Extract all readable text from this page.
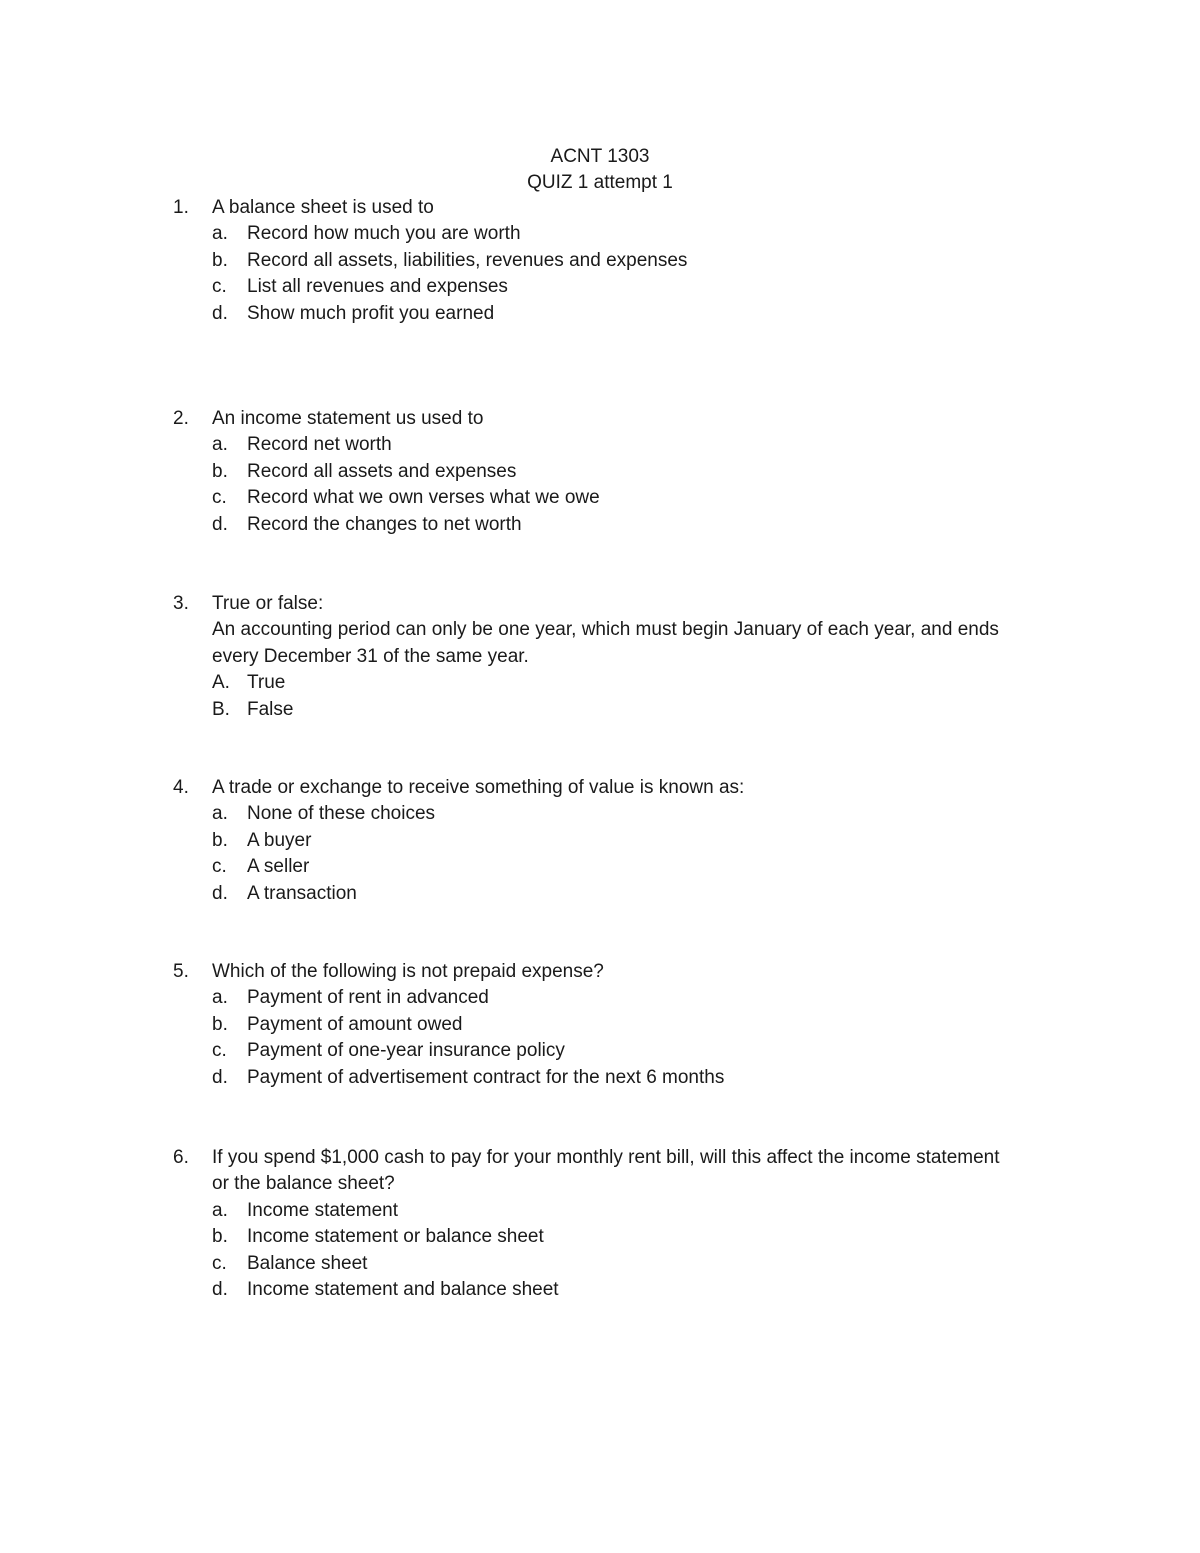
ACNT 1303
QUIZ 1 attempt 1
1. A balance sheet is used to
a. Record how much you are worth
b. Record all assets, liabilities, revenues and expenses
c. List all revenues and expenses
d. Show much profit you earned
2. An income statement us used to
a. Record net worth
b. Record all assets and expenses
c. Record what we own verses what we owe
d. Record the changes to net worth
3. True or false:
An accounting period can only be one year, which must begin January of each year, and ends
every December 31 of the same year.
A. True
B. False
4. A trade or exchange to receive something of value is known as:
a. None of these choices
b. A buyer
c. A seller
d. A transaction
5. Which of the following is not prepaid expense?
a. Payment of rent in advanced
b. Payment of amount owed
c. Payment of one-year insurance policy
d. Payment of advertisement contract for the next 6 months
6. If you spend $1,000 cash to pay for your monthly rent bill, will this affect the income statement
or the balance sheet?
a. Income statement
b. Income statement or balance sheet
c. Balance sheet
d. Income statement and balance sheet
